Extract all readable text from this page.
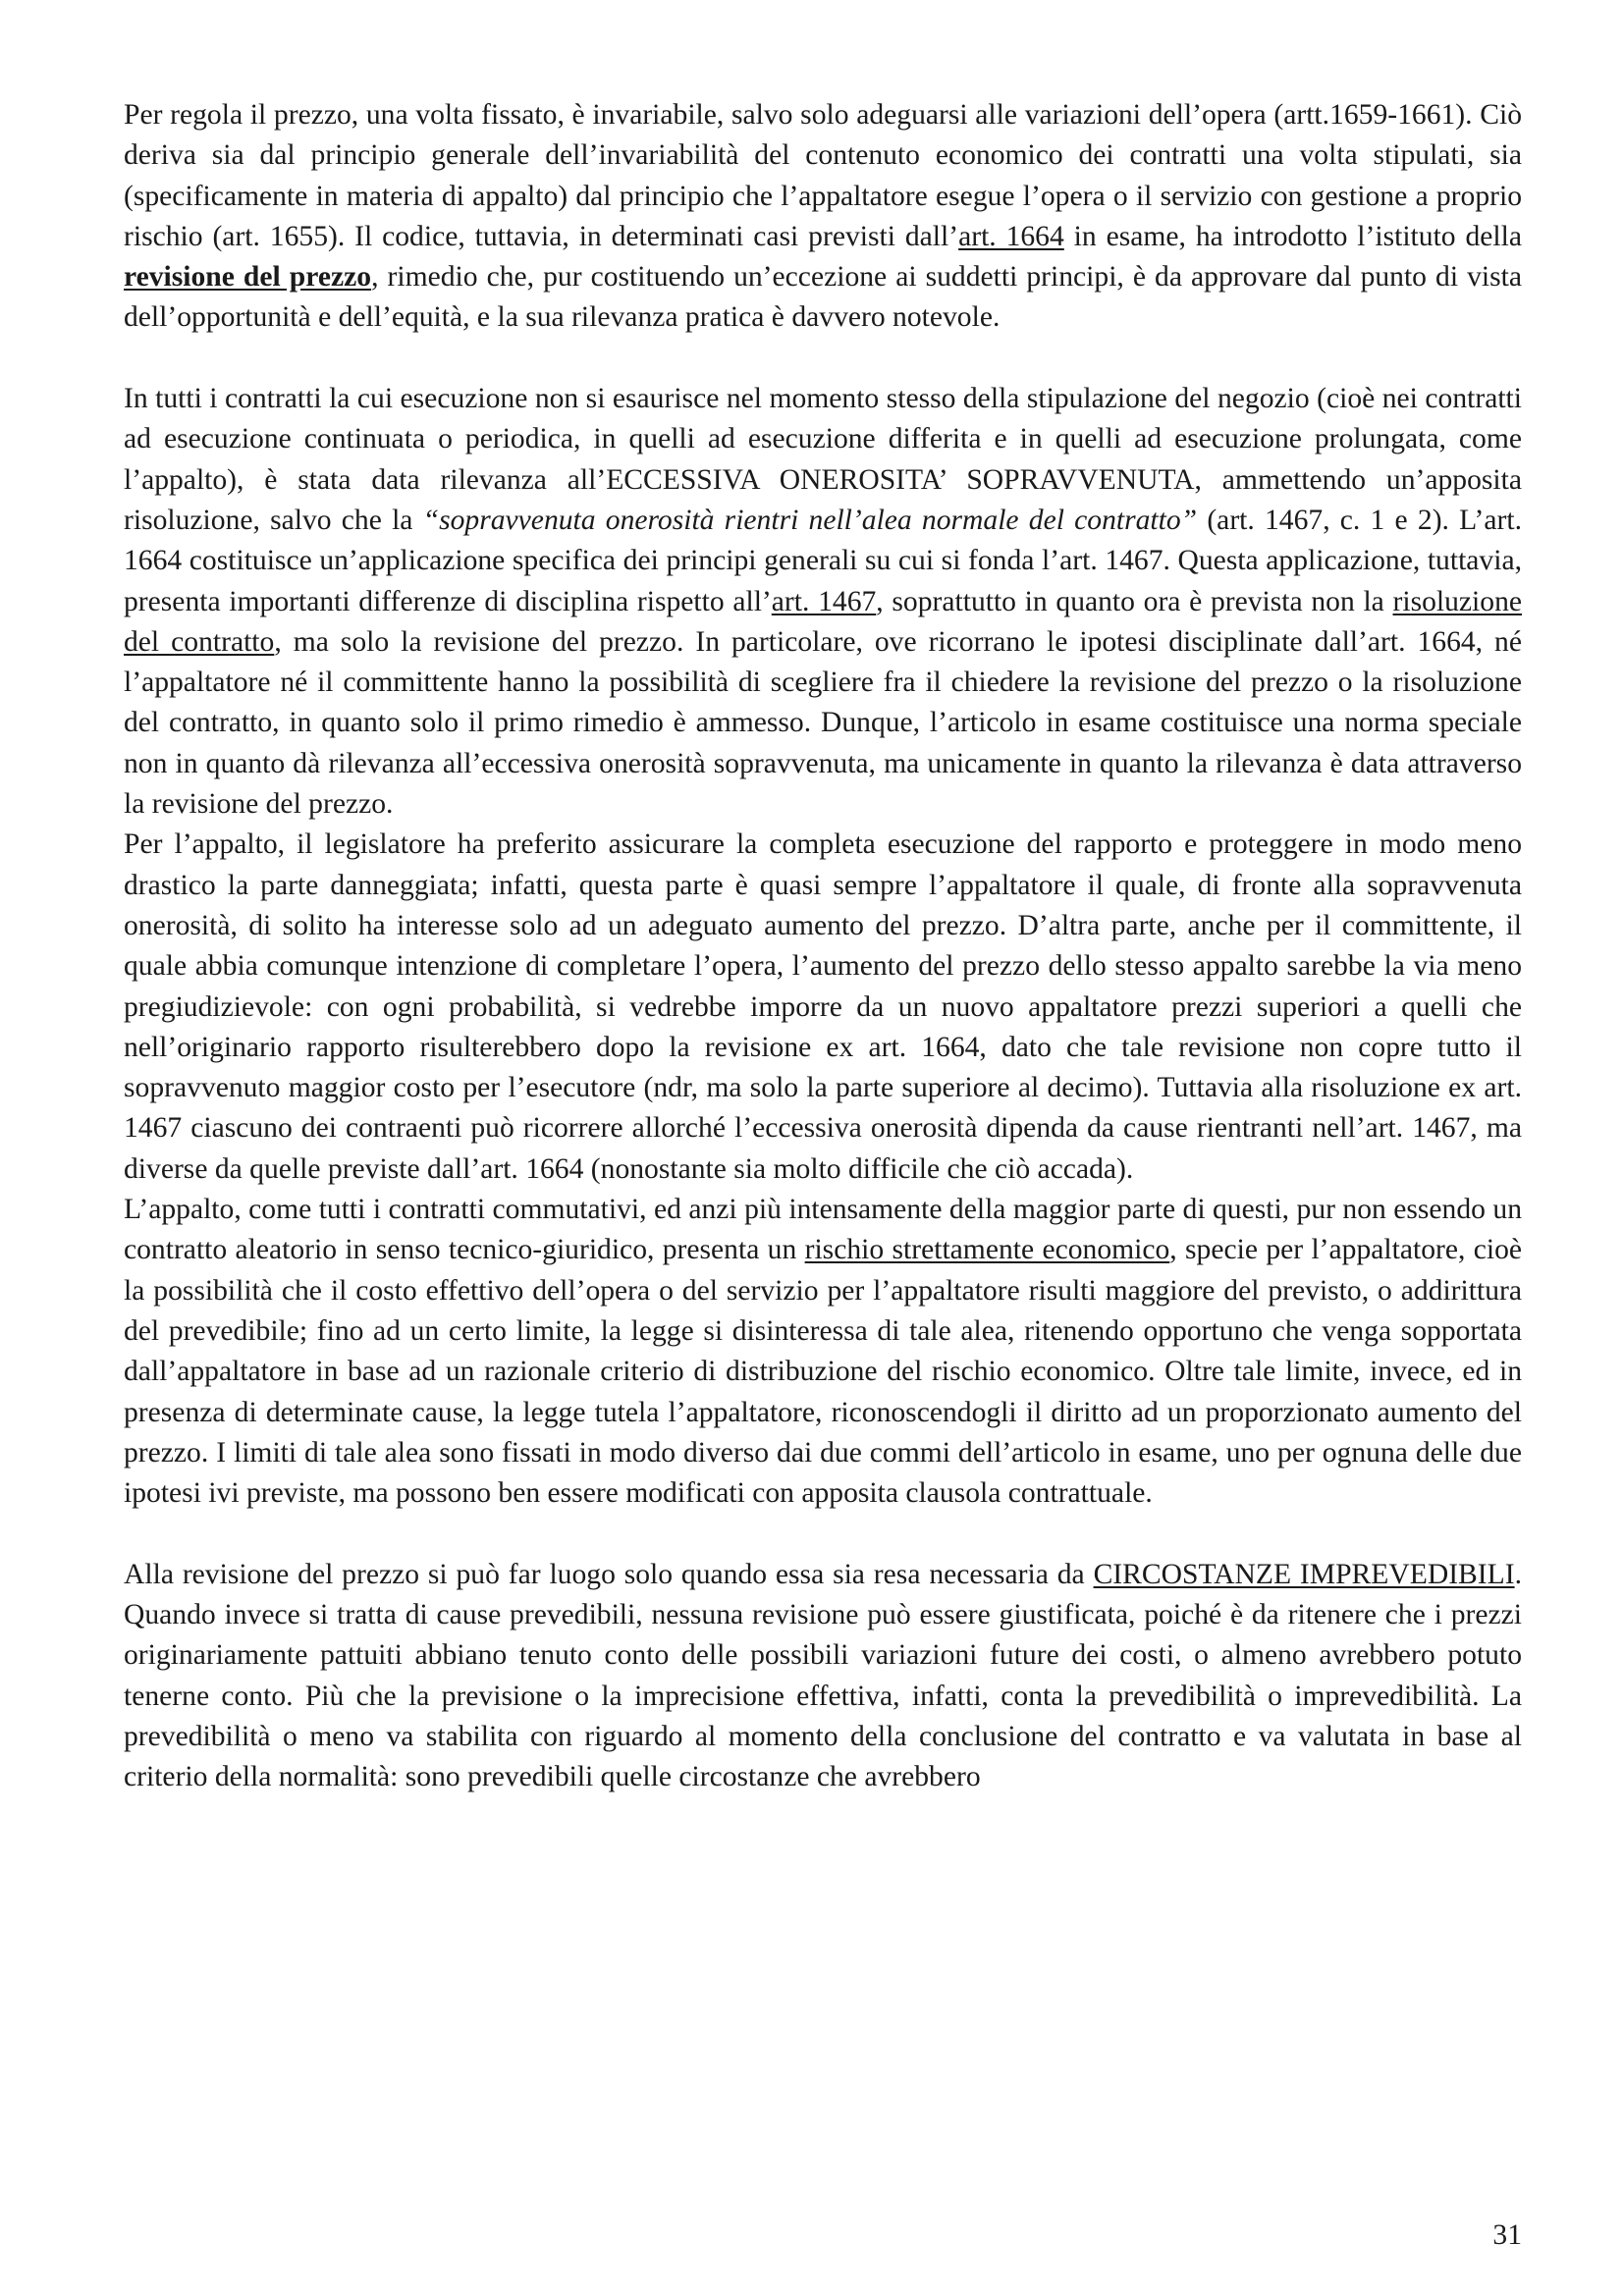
Per regola il prezzo, una volta fissato, è invariabile, salvo solo adeguarsi alle variazioni dell’opera (artt.1659-1661). Ciò deriva sia dal principio generale dell’invariabilità del contenuto economico dei contratti una volta stipulati, sia (specificamente in materia di appalto) dal principio che l’appaltatore esegue l’opera o il servizio con gestione a proprio rischio (art. 1655). Il codice, tuttavia, in determinati casi previsti dall’art. 1664 in esame, ha introdotto l’istituto della revisione del prezzo, rimedio che, pur costituendo un’eccezione ai suddetti principi, è da approvare dal punto di vista dell’opportunità e dell’equità, e la sua rilevanza pratica è davvero notevole.

In tutti i contratti la cui esecuzione non si esaurisce nel momento stesso della stipulazione del negozio (cioè nei contratti ad esecuzione continuata o periodica, in quelli ad esecuzione differita e in quelli ad esecuzione prolungata, come l’appalto), è stata data rilevanza all’ECCESSIVA ONEROSITA’ SOPRAVVENUTA, ammettendo un’apposita risoluzione, salvo che la “sopravvenuta onerosità rientri nell’alea normale del contratto” (art. 1467, c. 1 e 2). L’art. 1664 costituisce un’applicazione specifica dei principi generali su cui si fonda l’art. 1467. Questa applicazione, tuttavia, presenta importanti differenze di disciplina rispetto all’art. 1467, soprattutto in quanto ora è prevista non la risoluzione del contratto, ma solo la revisione del prezzo. In particolare, ove ricorrano le ipotesi disciplinate dall’art. 1664, né l’appaltatore né il committente hanno la possibilità di scegliere fra il chiedere la revisione del prezzo o la risoluzione del contratto, in quanto solo il primo rimedio è ammesso. Dunque, l’articolo in esame costituisce una norma speciale non in quanto dà rilevanza all’eccessiva onerosità sopravvenuta, ma unicamente in quanto la rilevanza è data attraverso la revisione del prezzo.

Per l’appalto, il legislatore ha preferito assicurare la completa esecuzione del rapporto e proteggere in modo meno drastico la parte danneggiata; infatti, questa parte è quasi sempre l’appaltatore il quale, di fronte alla sopravvenuta onerosità, di solito ha interesse solo ad un adeguato aumento del prezzo. D’altra parte, anche per il committente, il quale abbia comunque intenzione di completare l’opera, l’aumento del prezzo dello stesso appalto sarebbe la via meno pregiudizievole: con ogni probabilità, si vedrebbe imporre da un nuovo appaltatore prezzi superiori a quelli che nell’originario rapporto risulterebbero dopo la revisione ex art. 1664, dato che tale revisione non copre tutto il sopravvenuto maggior costo per l’esecutore (ndr, ma solo la parte superiore al decimo). Tuttavia alla risoluzione ex art. 1467 ciascuno dei contraenti può ricorrere allorché l’eccessiva onerosità dipenda da cause rientranti nell’art. 1467, ma diverse da quelle previste dall’art. 1664 (nonostante sia molto difficile che ciò accada).

L’appalto, come tutti i contratti commutativi, ed anzi più intensamente della maggior parte di questi, pur non essendo un contratto aleatorio in senso tecnico-giuridico, presenta un rischio strettamente economico, specie per l’appaltatore, cioè la possibilità che il costo effettivo dell’opera o del servizio per l’appaltatore risulti maggiore del previsto, o addirittura del prevedibile; fino ad un certo limite, la legge si disinteressa di tale alea, ritenendo opportuno che venga sopportata dall’appaltatore in base ad un razionale criterio di distribuzione del rischio economico. Oltre tale limite, invece, ed in presenza di determinate cause, la legge tutela l’appaltatore, riconoscendogli il diritto ad un proporzionato aumento del prezzo. I limiti di tale alea sono fissati in modo diverso dai due commi dell’articolo in esame, uno per ognuna delle due ipotesi ivi previste, ma possono ben essere modificati con apposita clausola contrattuale.

Alla revisione del prezzo si può far luogo solo quando essa sia resa necessaria da CIRCOSTANZE IMPREVEDIBILI. Quando invece si tratta di cause prevedibili, nessuna revisione può essere giustificata, poiché è da ritenere che i prezzi originariamente pattuiti abbiano tenuto conto delle possibili variazioni future dei costi, o almeno avrebbero potuto tenerne conto. Più che la previsione o la imprecisione effettiva, infatti, conta la prevedibilità o imprevedibilità. La prevedibilità o meno va stabilita con riguardo al momento della conclusione del contratto e va valutata in base al criterio della normalità: sono prevedibili quelle circostanze che avrebbero

31
